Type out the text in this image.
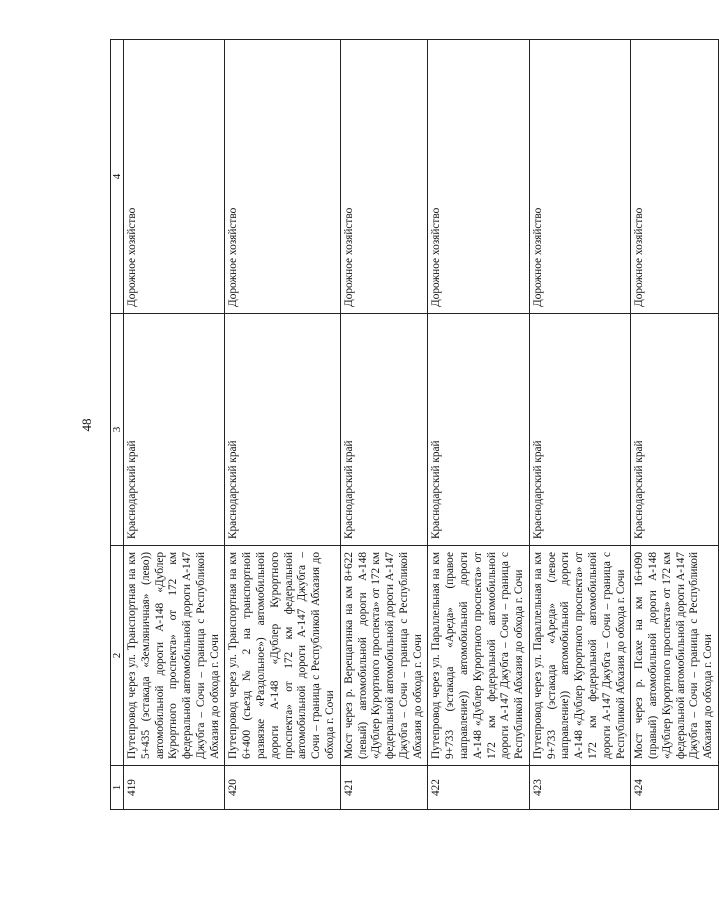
48
1	2	3	4
419	Путепровод через ул. Транспортная на км 5+435 (эстакада «Земляничная» (лево)) автомобильной дороги А-148 «Дублер Курортного проспекта» от 172 км федеральной автомобильной дороги А-147 Джубга – Сочи – граница с Республикой Абхазия до обхода г. Сочи	Краснодарский край	Дорожное хозяйство
420	Путепровод через ул. Транспортная на км 6+400 (съезд № 2 на транспортной развязке «Раздольное») автомобильной дороги А-148 «Дублер Курортного проспекта» от 172 км федеральной автомобильной дороги А-147 Джубга – Сочи – граница с Республикой Абхазия до обхода г. Сочи	Краснодарский край	Дорожное хозяйство
421	Мост через р. Верещагинка на км 8+622 (левый) автомобильной дороги А-148 «Дублер Курортного проспекта» от 172 км федеральной автомобильной дороги А-147 Джубга – Сочи – граница с Республикой Абхазия до обхода г. Сочи	Краснодарский край	Дорожное хозяйство
422	Путепровод через ул. Параллельная на км 9+733 (эстакада «Ареда» (правое направление)) автомобильной дороги А-148 «Дублер Курортного проспекта» от 172 км федеральной автомобильной дороги А-147 Джубга – Сочи – граница с Республикой Абхазия до обхода г. Сочи	Краснодарский край	Дорожное хозяйство
423	Путепровод через ул. Параллельная на км 9+733 (эстакада «Ареда» (левое направление)) автомобильной дороги А-148 «Дублер Курортного проспекта» от 172 км федеральной автомобильной дороги А-147 Джубга – Сочи – граница с Республикой Абхазия до обхода г. Сочи	Краснодарский край	Дорожное хозяйство
424	Мост через р. Псахе на км 16+090 (правый) автомобильной дороги А-148 «Дублер Курортного проспекта» от 172 км федеральной автомобильной дороги А-147 Джубга – Сочи – граница с Республикой Абхазия до обхода г. Сочи	Краснодарский край	Дорожное хозяйство
